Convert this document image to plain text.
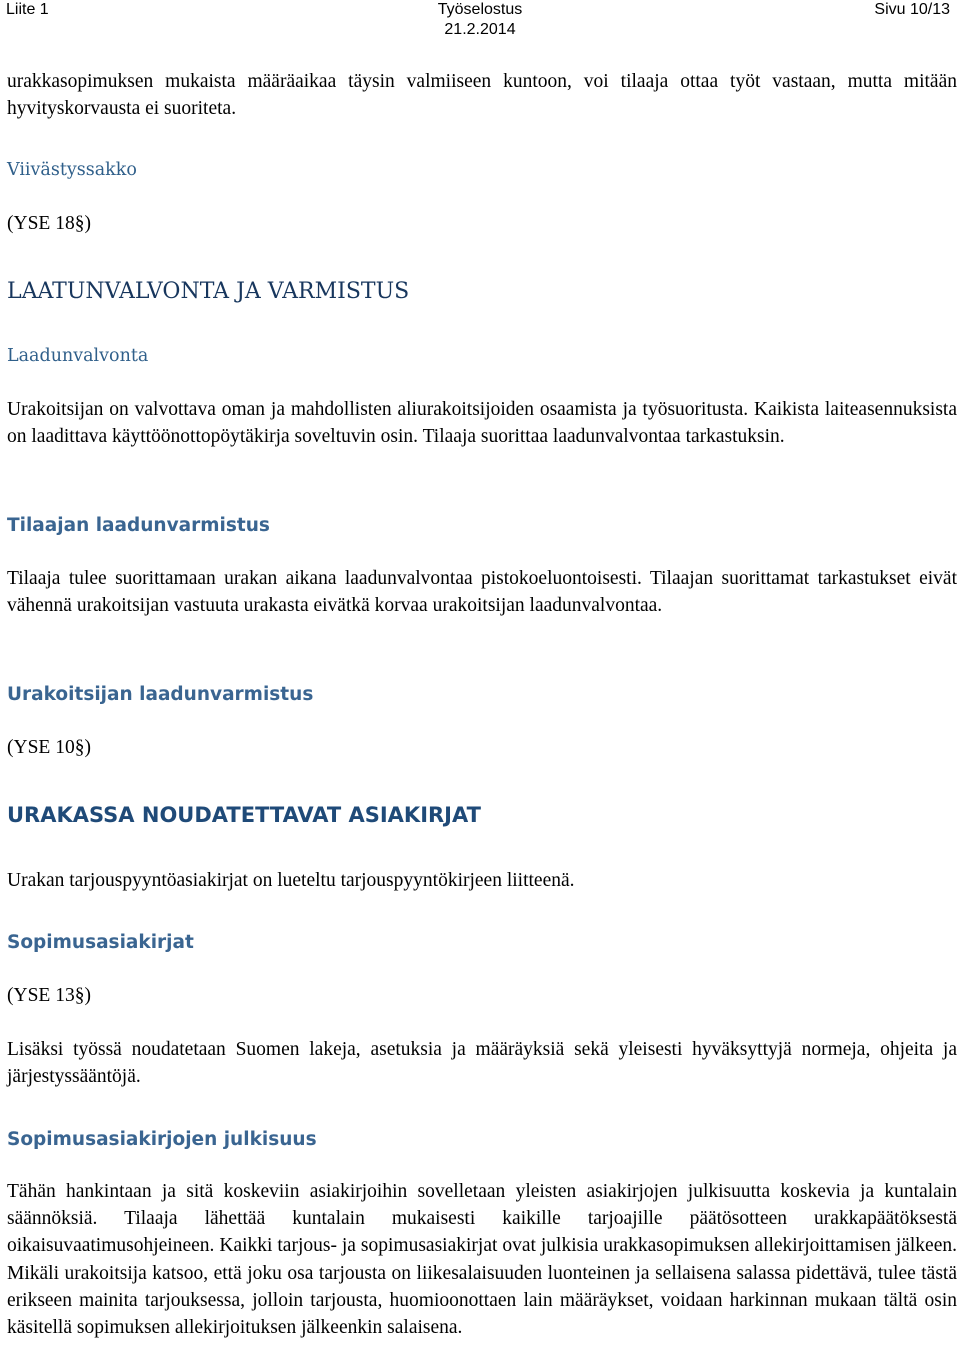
Liite 1	Työselostus
21.2.2014
Sivu 10/13

urakkasopimuksen mukaista määräaikaa täysin valmiiseen kuntoon, voi tilaaja ottaa työt vastaan, mutta mitään hyvityskorvausta ei suoriteta.

Viivästyssakko

(YSE 18§)

LAATUNVALVONTA JA VARMISTUS

Laadunvalvonta

Urakoitsijan on valvottava oman ja mahdollisten aliurakoitsijoiden osaamista ja työsuoritusta. Kaikista laiteasennuksista on laadittava käyttöönottopöytäkirja soveltuvin osin. Tilaaja suorittaa laadunvalvontaa tarkastuksin.

Tilaajan laadunvarmistus

Tilaaja tulee suorittamaan urakan aikana laadunvalvontaa pistokoeluontoisesti. Tilaajan suorittamat tarkastukset eivät vähennä urakoitsijan vastuuta urakasta eivätkä korvaa urakoitsijan laadunvalvontaa.

Urakoitsijan laadunvarmistus

(YSE 10§)

URAKASSA NOUDATETTAVAT ASIAKIRJAT

Urakan tarjouspyyntöasiakirjat on lueteltu tarjouspyyntökirjeen liitteenä.

Sopimusasiakirjat

(YSE 13§)

Lisäksi työssä noudatetaan Suomen lakeja, asetuksia ja määräyksiä sekä yleisesti hyväksyttyjä normeja, ohjeita ja järjestyssääntöjä.

Sopimusasiakirjojen julkisuus

Tähän hankintaan ja sitä koskeviin asiakirjoihin sovelletaan yleisten asiakirjojen julkisuutta koskevia ja kuntalain säännöksiä. Tilaaja lähettää kuntalain mukaisesti kaikille tarjoajille päätösotteen urakkapäätöksestä oikaisuvaatimusohjeineen. Kaikki tarjous- ja sopimusasiakirjat ovat julkisia urakkasopimuksen allekirjoittamisen jälkeen. Mikäli urakoitsija katsoo, että joku osa tarjousta on liikesalaisuuden luonteinen ja sellaisena salassa pidettävä, tulee tästä erikseen mainita tarjouksessa, jolloin tarjousta, huomioonottaen lain määräykset, voidaan harkinnan mukaan tältä osin käsitellä sopimuksen allekirjoituksen jälkeenkin salaisena.
